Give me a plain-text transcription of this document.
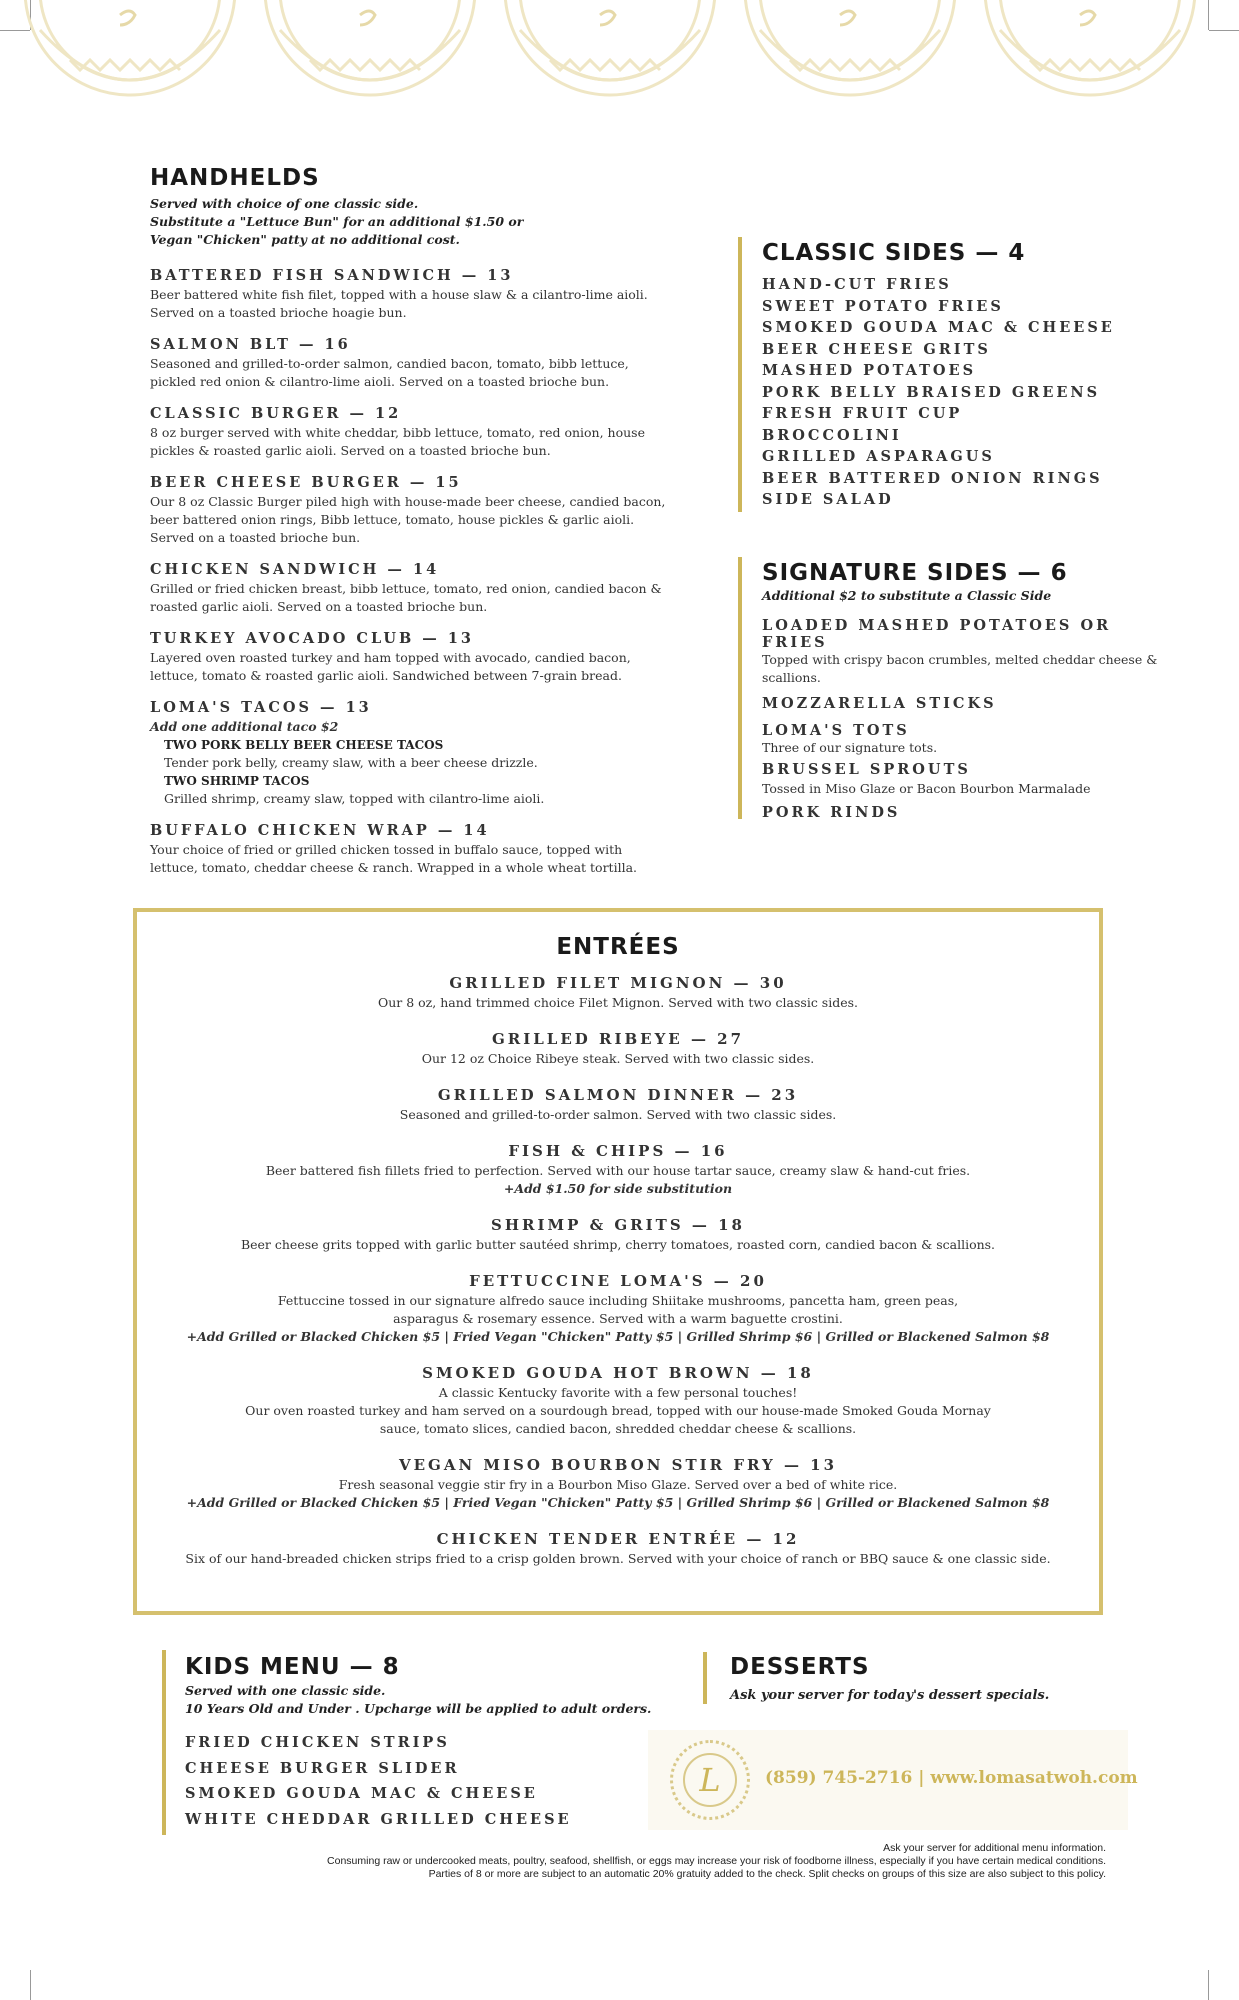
HANDHELDS
Served with choice of one classic side.
Substitute a "Lettuce Bun" for an additional $1.50 or
Vegan "Chicken" patty at no additional cost.
BATTERED FISH SANDWICH — 13
Beer battered white fish filet, topped with a house slaw & a cilantro-lime aioli. Served on a toasted brioche hoagie bun.
SALMON BLT — 16
Seasoned and grilled-to-order salmon, candied bacon, tomato, bibb lettuce, pickled red onion & cilantro-lime aioli. Served on a toasted brioche bun.
CLASSIC BURGER — 12
8 oz burger served with white cheddar, bibb lettuce, tomato, red onion, house pickles & roasted garlic aioli. Served on a toasted brioche bun.
BEER CHEESE BURGER — 15
Our 8 oz Classic Burger piled high with house-made beer cheese, candied bacon, beer battered onion rings, Bibb lettuce, tomato, house pickles & garlic aioli. Served on a toasted brioche bun.
CHICKEN SANDWICH — 14
Grilled or fried chicken breast, bibb lettuce, tomato, red onion, candied bacon & roasted garlic aioli. Served on a toasted brioche bun.
TURKEY AVOCADO CLUB — 13
Layered oven roasted turkey and ham topped with avocado, candied bacon, lettuce, tomato & roasted garlic aioli. Sandwiched between 7-grain bread.
LOMA'S TACOS — 13
Add one additional taco $2
TWO PORK BELLY BEER CHEESE TACOS
Tender pork belly, creamy slaw, with a beer cheese drizzle.
TWO SHRIMP TACOS
Grilled shrimp, creamy slaw, topped with cilantro-lime aioli.
BUFFALO CHICKEN WRAP — 14
Your choice of fried or grilled chicken tossed in buffalo sauce, topped with lettuce, tomato, cheddar cheese & ranch. Wrapped in a whole wheat tortilla.
CLASSIC SIDES — 4
HAND-CUT FRIES
SWEET POTATO FRIES
SMOKED GOUDA MAC & CHEESE
BEER CHEESE GRITS
MASHED POTATOES
PORK BELLY BRAISED GREENS
FRESH FRUIT CUP
BROCCOLINI
GRILLED ASPARAGUS
BEER BATTERED ONION RINGS
SIDE SALAD
SIGNATURE SIDES — 6
Additional $2 to substitute a Classic Side
LOADED MASHED POTATOES OR FRIES
Topped with crispy bacon crumbles, melted cheddar cheese & scallions.
MOZZARELLA STICKS
LOMA'S TOTS
Three of our signature tots.
BRUSSEL SPROUTS
Tossed in Miso Glaze or Bacon Bourbon Marmalade
PORK RINDS
ENTRÉES
GRILLED FILET MIGNON — 30
Our 8 oz, hand trimmed choice Filet Mignon. Served with two classic sides.
GRILLED RIBEYE — 27
Our 12 oz Choice Ribeye steak. Served with two classic sides.
GRILLED SALMON DINNER — 23
Seasoned and grilled-to-order salmon. Served with two classic sides.
FISH & CHIPS — 16
Beer battered fish fillets fried to perfection. Served with our house tartar sauce, creamy slaw & hand-cut fries.
+Add $1.50 for side substitution
SHRIMP & GRITS — 18
Beer cheese grits topped with garlic butter sautéed shrimp, cherry tomatoes, roasted corn, candied bacon & scallions.
FETTUCCINE LOMA'S — 20
Fettuccine tossed in our signature alfredo sauce including Shiitake mushrooms, pancetta ham, green peas,
asparagus & rosemary essence. Served with a warm baguette crostini.
+Add Grilled or Blacked Chicken $5 | Fried Vegan "Chicken" Patty $5 | Grilled Shrimp $6 | Grilled or Blackened Salmon $8
SMOKED GOUDA HOT BROWN — 18
A classic Kentucky favorite with a few personal touches!
Our oven roasted turkey and ham served on a sourdough bread, topped with our house-made Smoked Gouda Mornay sauce, tomato slices, candied bacon, shredded cheddar cheese & scallions.
VEGAN MISO BOURBON STIR FRY — 13
Fresh seasonal veggie stir fry in a Bourbon Miso Glaze. Served over a bed of white rice.
+Add Grilled or Blacked Chicken $5 | Fried Vegan "Chicken" Patty $5 | Grilled Shrimp $6 | Grilled or Blackened Salmon $8
CHICKEN TENDER ENTRÉE — 12
Six of our hand-breaded chicken strips fried to a crisp golden brown. Served with your choice of ranch or BBQ sauce & one classic side.
KIDS MENU — 8
Served with one classic side.
10 Years Old and Under . Upcharge will be applied to adult orders.
FRIED CHICKEN STRIPS
CHEESE BURGER SLIDER
SMOKED GOUDA MAC & CHEESE
WHITE CHEDDAR GRILLED CHEESE
DESSERTS
Ask your server for today's dessert specials.
L	(859) 745-2716 | www.lomasatwoh.com
Ask your server for additional menu information.
Consuming raw or undercooked meats, poultry, seafood, shellfish, or eggs may increase your risk of foodborne illness, especially if you have certain medical conditions.
Parties of 8 or more are subject to an automatic 20% gratuity added to the check. Split checks on groups of this size are also subject to this policy.
